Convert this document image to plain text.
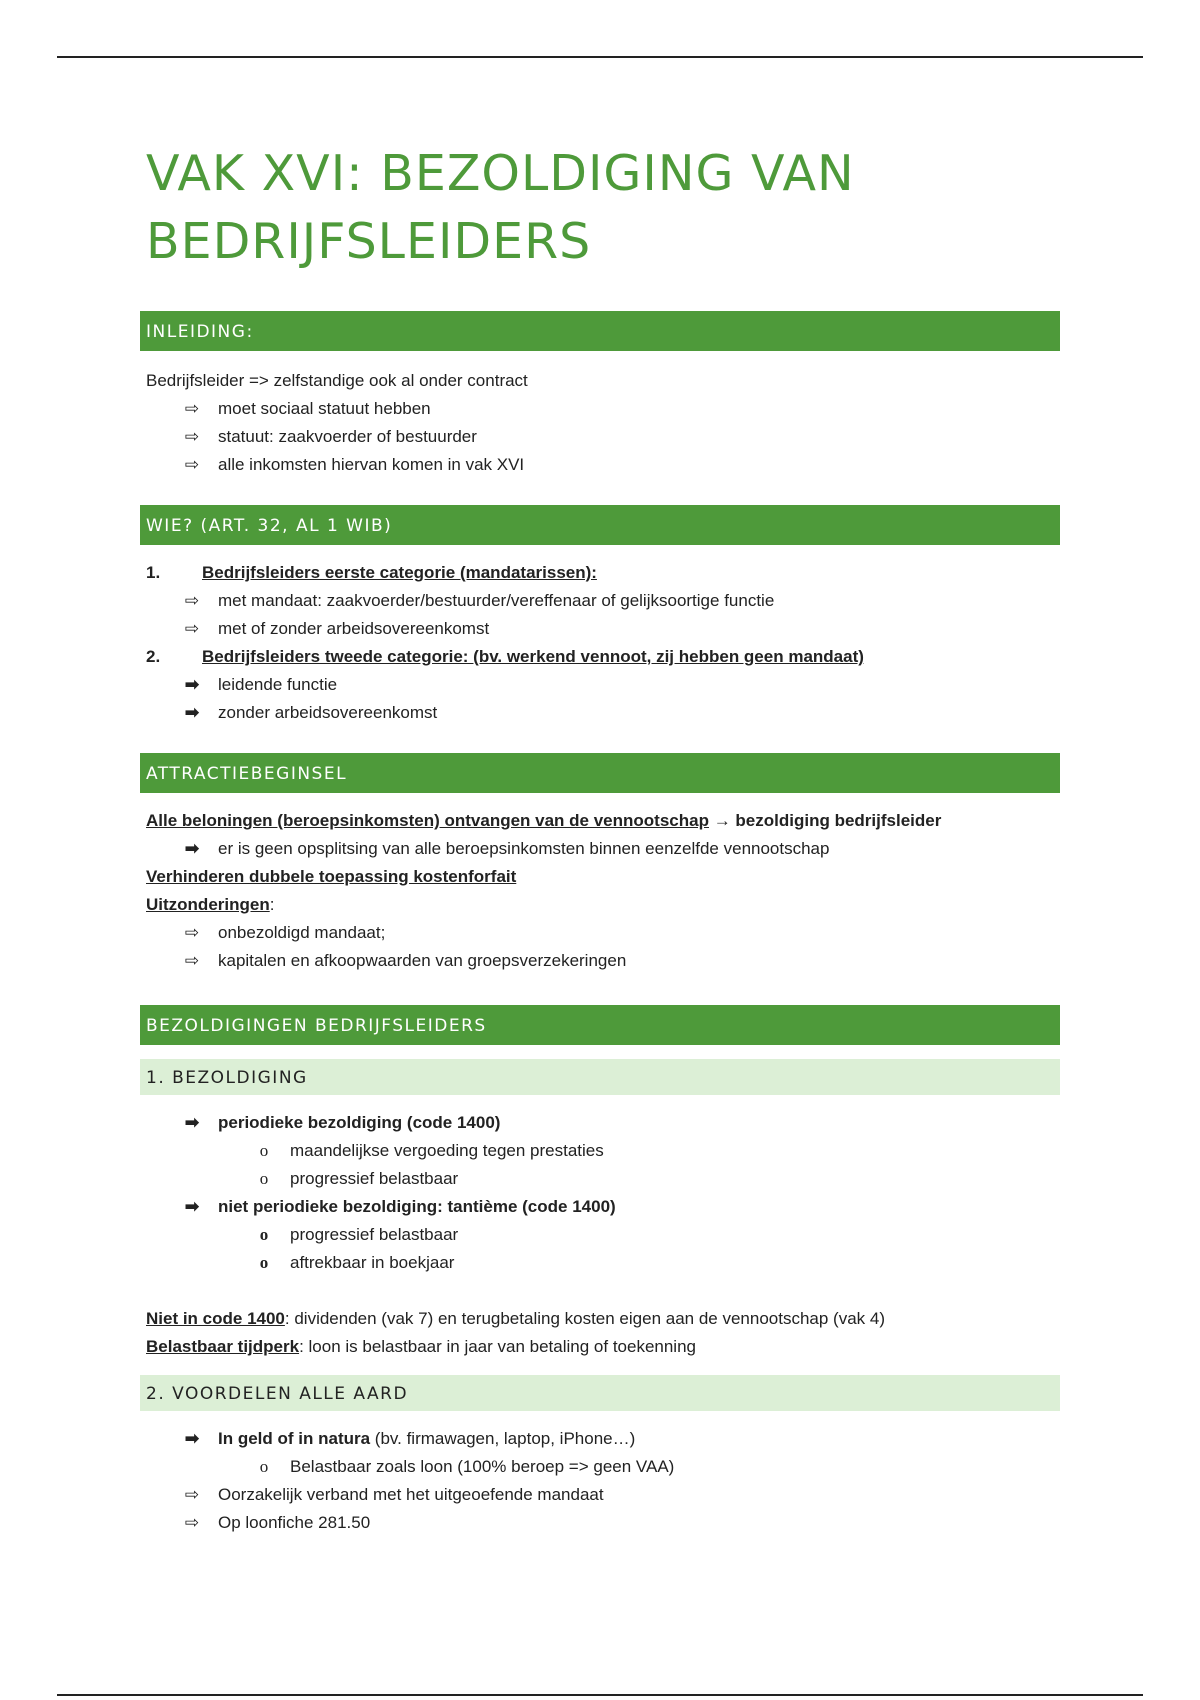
VAK XVI: BEZOLDIGING VAN
BEDRIJFSLEIDERS
INLEIDING:
Bedrijfsleider => zelfstandige ook al onder contract
⇨ moet sociaal statuut hebben
⇨ statuut: zaakvoerder of bestuurder
⇨ alle inkomsten hiervan komen in vak XVI
WIE? (ART. 32, AL 1 WIB)
1. Bedrijfsleiders eerste categorie (mandatarissen):
⇨ met mandaat: zaakvoerder/bestuurder/vereffenaar of gelijksoortige functie
⇨ met of zonder arbeidsovereenkomst
2. Bedrijfsleiders tweede categorie: (bv. werkend vennoot, zij hebben geen mandaat)
➡ leidende functie
➡ zonder arbeidsovereenkomst
ATTRACTIEBEGINSEL
Alle beloningen (beroepsinkomsten) ontvangen van de vennootschap → bezoldiging bedrijfsleider
➡ er is geen opsplitsing van alle beroepsinkomsten binnen eenzelfde vennootschap
Verhinderen dubbele toepassing kostenforfait
Uitzonderingen:
⇨ onbezoldigd mandaat;
⇨ kapitalen en afkoopwaarden van groepsverzekeringen
BEZOLDIGINGEN BEDRIJFSLEIDERS
1. BEZOLDIGING
➡ periodieke bezoldiging (code 1400)
o	maandelijkse vergoeding tegen prestaties
o	progressief belastbaar
➡ niet periodieke bezoldiging: tantième (code 1400)
o	progressief belastbaar
o	aftrekbaar in boekjaar
Niet in code 1400: dividenden (vak 7) en terugbetaling kosten eigen aan de vennootschap (vak 4)
Belastbaar tijdperk: loon is belastbaar in jaar van betaling of toekenning
2. VOORDELEN ALLE AARD
➡ In geld of in natura (bv. firmawagen, laptop, iPhone…)
o	Belastbaar zoals loon (100% beroep => geen VAA)
⇨ Oorzakelijk verband met het uitgeoefende mandaat
⇨ Op loonfiche 281.50
